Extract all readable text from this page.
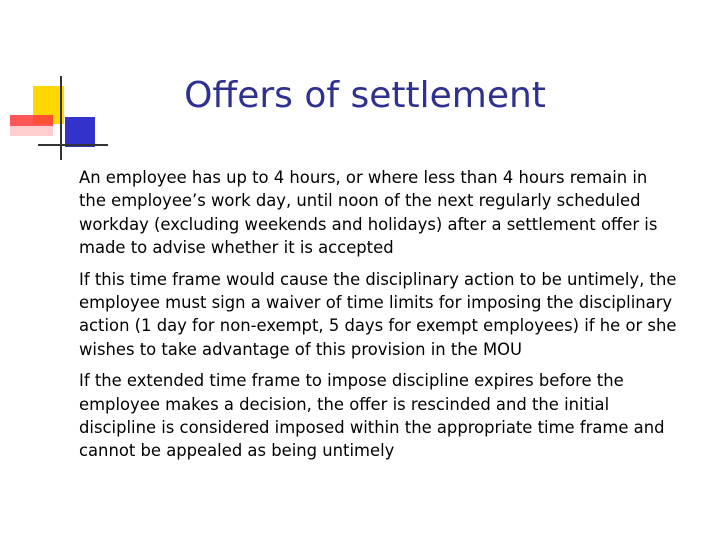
Offers of settlement

An employee has up to 4 hours, or where less than 4 hours remain in the employee’s work day, until noon of the next regularly scheduled workday (excluding weekends and holidays) after a settlement offer is made to advise whether it is accepted

If this time frame would cause the disciplinary action to be untimely, the employee must sign a waiver of time limits for imposing the disciplinary action (1 day for non-exempt, 5 days for exempt employees) if he or she wishes to take advantage of this provision in the MOU

If the extended time frame to impose discipline expires before the employee makes a decision, the offer is rescinded and the initial discipline is considered imposed within the appropriate time frame and cannot be appealed as being untimely
